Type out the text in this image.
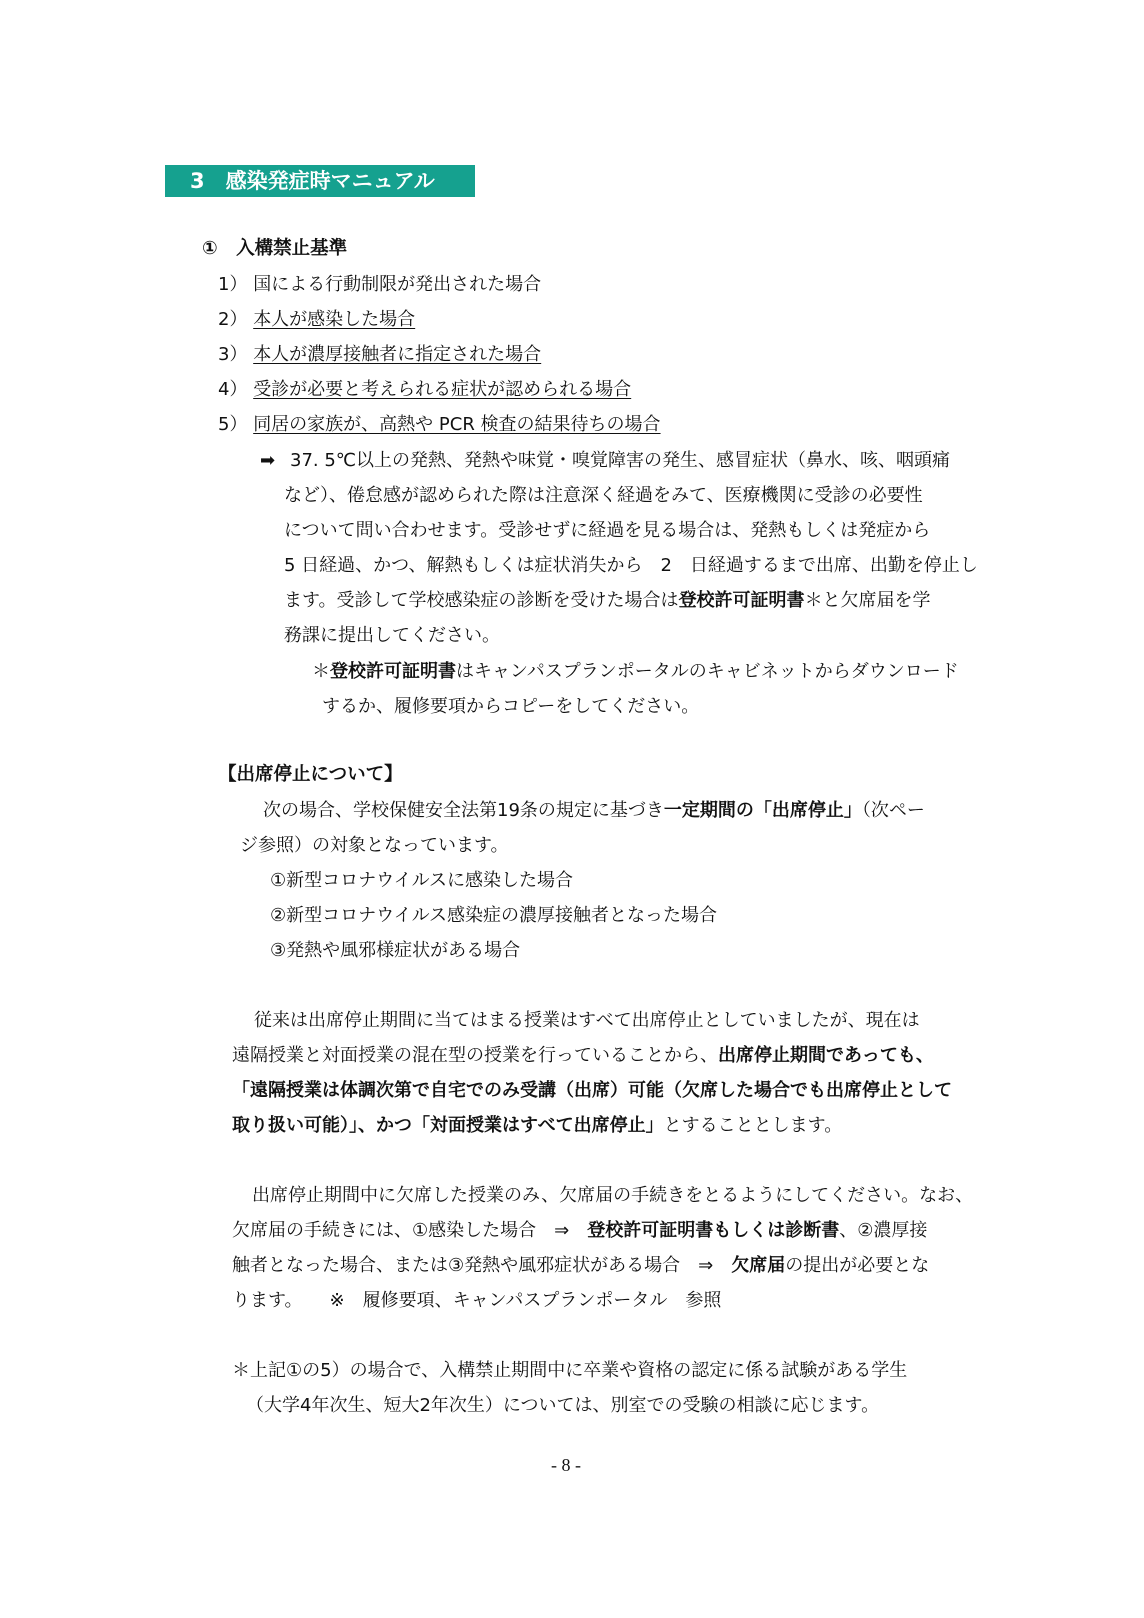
3　感染発症時マニュアル
①　入構禁止基準
1） 国による行動制限が発出された場合
2） 本人が感染した場合
3） 本人が濃厚接触者に指定された場合
4） 受診が必要と考えられる症状が認められる場合
5） 同居の家族が、高熱や PCR 検査の結果待ちの場合
➡ 37. 5℃以上の発熱、発熱や味覚・嗅覚障害の発生、感冒症状（鼻水、咳、咽頭痛
など）、倦怠感が認められた際は注意深く経過をみて、医療機関に受診の必要性
について問い合わせます。受診せずに経過を見る場合は、発熱もしくは発症から
5 日経過、かつ、解熱もしくは症状消失から　2　日経過するまで出席、出勤を停止し
ます。受診して学校感染症の診断を受けた場合は登校許可証明書＊と欠席届を学
務課に提出してください。
＊登校許可証明書はキャンパスプランポータルのキャビネットからダウンロード
するか、履修要項からコピーをしてください。
【出席停止について】
次の場合、学校保健安全法第19条の規定に基づき一定期間の「出席停止」（次ペー
ジ参照）の対象となっています。
①新型コロナウイルスに感染した場合
②新型コロナウイルス感染症の濃厚接触者となった場合
③発熱や風邪様症状がある場合
従来は出席停止期間に当てはまる授業はすべて出席停止としていましたが、現在は
遠隔授業と対面授業の混在型の授業を行っていることから、出席停止期間であっても、
「遠隔授業は体調次第で自宅でのみ受講（出席）可能（欠席した場合でも出席停止として
取り扱い可能）」、かつ「対面授業はすべて出席停止」とすることとします。
出席停止期間中に欠席した授業のみ、欠席届の手続きをとるようにしてください。なお、
欠席届の手続きには、①感染した場合　⇒　登校許可証明書もしくは診断書、②濃厚接
触者となった場合、または③発熱や風邪症状がある場合　⇒　欠席届の提出が必要とな
ります。　　※　履修要項、キャンパスプランポータル　参照
＊上記①の5）の場合で、入構禁止期間中に卒業や資格の認定に係る試験がある学生
（大学4年次生、短大2年次生）については、別室での受験の相談に応じます。
- 8 -
